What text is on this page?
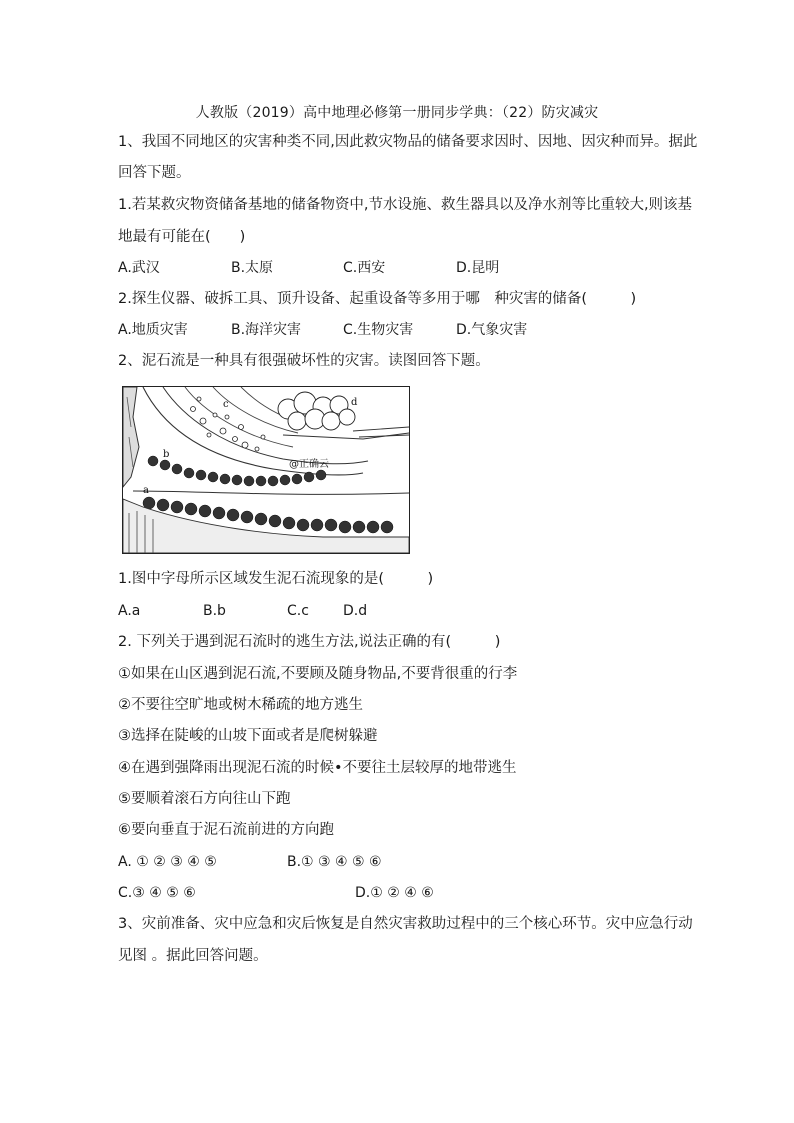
人教版（2019）高中地理必修第一册同步学典：（22）防灾减灾
1、我国不同地区的灾害种类不同,因此救灾物品的储备要求因时、因地、因灾种而异。据此
回答下题。
1.若某救灾物资储备基地的储备物资中,节水设施、救生器具以及净水剂等比重较大,则该基
地最有可能在(　　)
A.武汉	B.太原	C.西安	D.昆明
2.探生仪器、破拆工具、顶升设备、起重设备等多用于哪　种灾害的储备(　　　)
A.地质灾害	B.海洋灾害	C.生物灾害	D.气象灾害
2、泥石流是一种具有很强破坏性的灾害。读图回答下题。
a
b
c	d
@正确云
1.图中字母所示区域发生泥石流现象的是(　　　)
A.a	B.b	C.c D.d
2. 下列关于遇到泥石流时的逃生方法,说法正确的有(　　　)
①如果在山区遇到泥石流,不要顾及随身物品,不要背很重的行李
②不要往空旷地或树木稀疏的地方逃生
③选择在陡峻的山坡下面或者是爬树躲避
④在遇到强降雨出现泥石流的时候•不要往土层较厚的地带逃生
⑤要顺着滚石方向往山下跑
⑥要向垂直于泥石流前进的方向跑
A. ① ② ③ ④ ⑤	B.① ③ ④ ⑤ ⑥
C.③ ④ ⑤ ⑥	D.① ② ④ ⑥
3、灾前准备、灾中应急和灾后恢复是自然灾害救助过程中的三个核心环节。灾中应急行动
见图 。据此回答问题。
